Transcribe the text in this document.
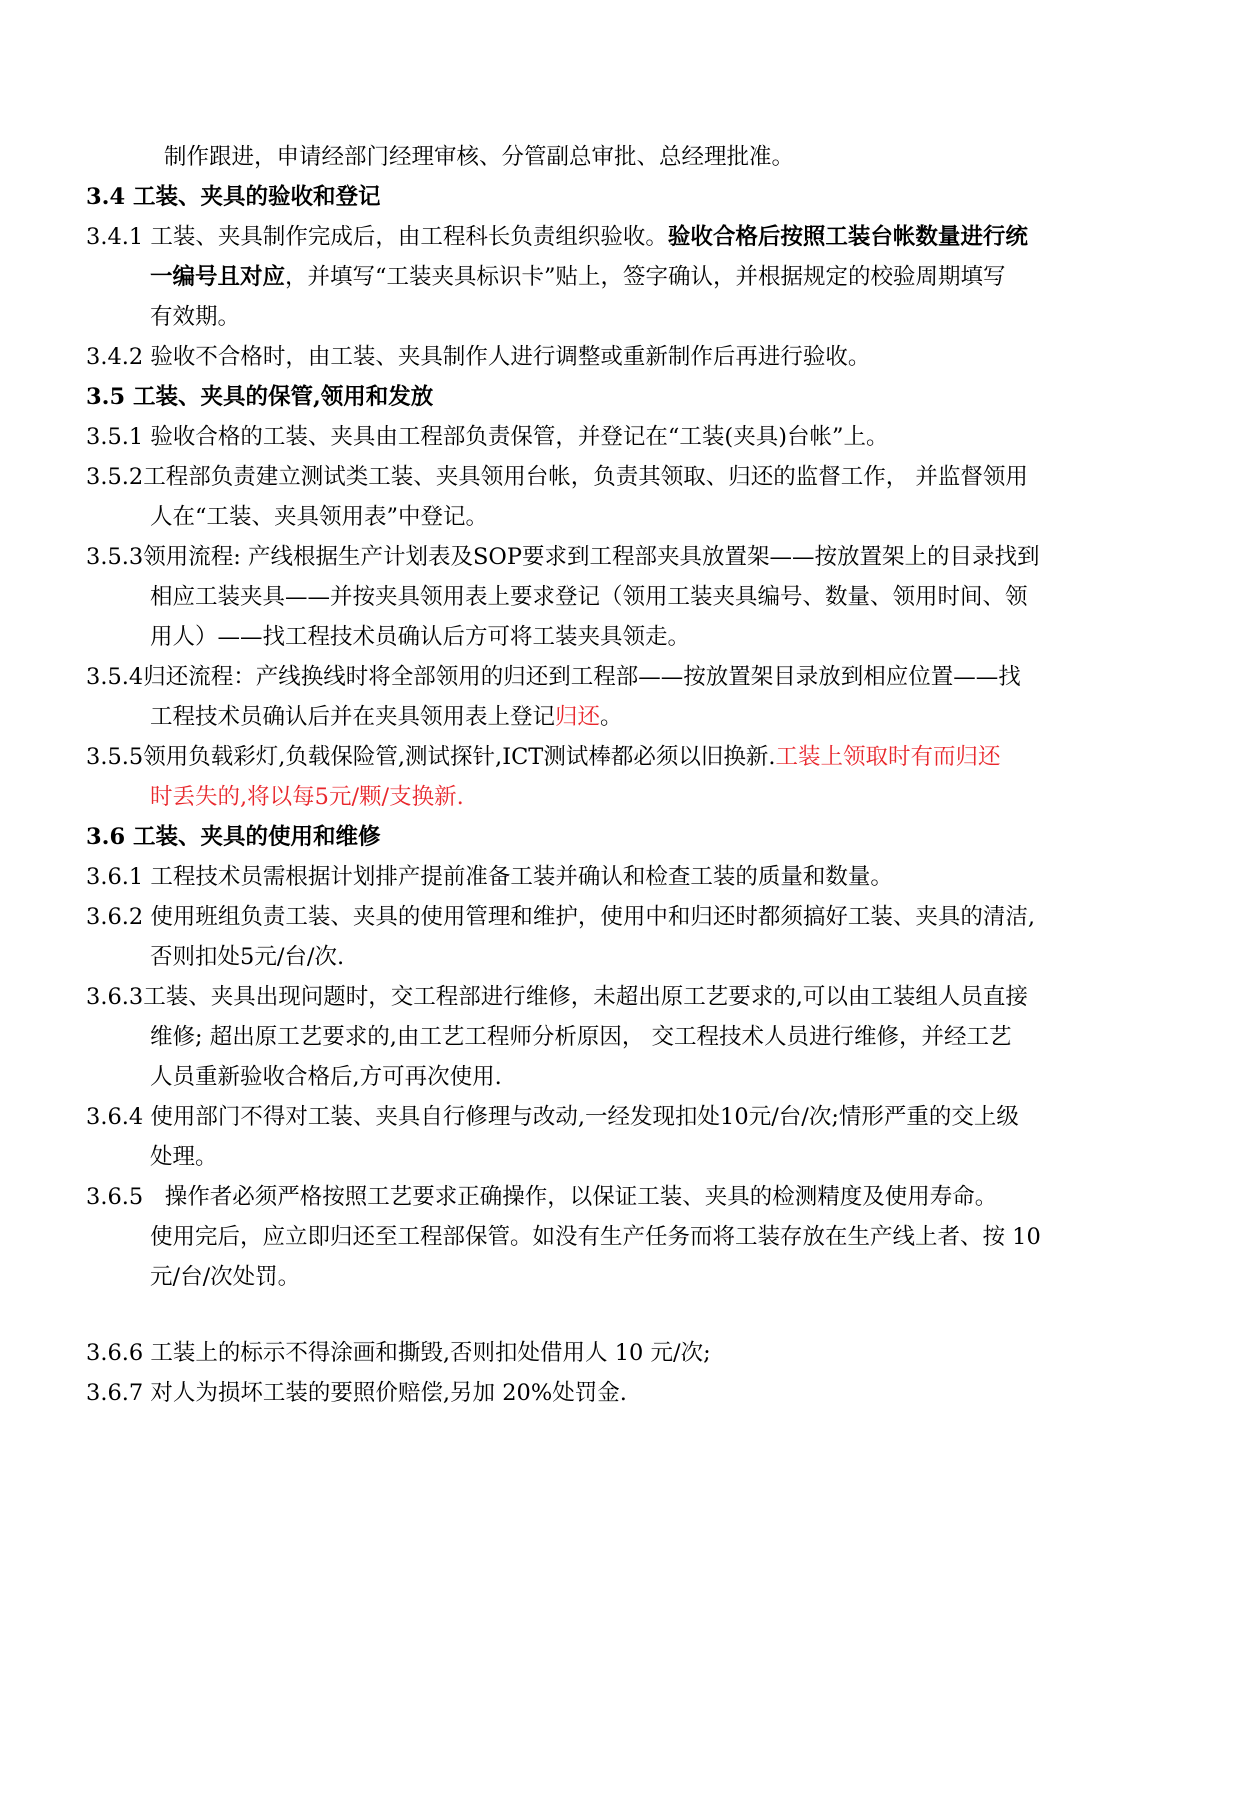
制作跟进，申请经部门经理审核、分管副总审批、总经理批准。
3.4 工装、夹具的验收和登记
3.4.1 工装、夹具制作完成后，由工程科长负责组织验收。验收合格后按照工装台帐数量进行统
一编号且对应，并填写“工装夹具标识卡”贴上，签字确认，并根据规定的校验周期填写
有效期。
3.4.2 验收不合格时，由工装、夹具制作人进行调整或重新制作后再进行验收。
3.5 工装、夹具的保管,领用和发放
3.5.1 验收合格的工装、夹具由工程部负责保管，并登记在“工装(夹具)台帐”上。
3.5.2工程部负责建立测试类工装、夹具领用台帐，负责其领取、归还的监督工作， 并监督领用
人在“工装、夹具领用表”中登记。
3.5.3领用流程: 产线根据生产计划表及SOP要求到工程部夹具放置架——按放置架上的目录找到
相应工装夹具——并按夹具领用表上要求登记（领用工装夹具编号、数量、领用时间、领
用人）——找工程技术员确认后方可将工装夹具领走。
3.5.4归还流程：产线换线时将全部领用的归还到工程部——按放置架目录放到相应位置——找
工程技术员确认后并在夹具领用表上登记归还。
3.5.5领用负载彩灯,负载保险管,测试探针,ICT测试棒都必须以旧换新.工装上领取时有而归还
时丢失的,将以每5元/颗/支换新.
3.6 工装、夹具的使用和维修
3.6.1 工程技术员需根据计划排产提前准备工装并确认和检查工装的质量和数量。
3.6.2 使用班组负责工装、夹具的使用管理和维护，使用中和归还时都须搞好工装、夹具的清洁,
否则扣处5元/台/次.
3.6.3工装、夹具出现问题时，交工程部进行维修，未超出原工艺要求的,可以由工装组人员直接
维修; 超出原工艺要求的,由工艺工程师分析原因， 交工程技术人员进行维修，并经工艺
人员重新验收合格后,方可再次使用.
3.6.4 使用部门不得对工装、夹具自行修理与改动,一经发现扣处10元/台/次;情形严重的交上级
处理。
3.6.5 操作者必须严格按照工艺要求正确操作，以保证工装、夹具的检测精度及使用寿命。
使用完后，应立即归还至工程部保管。如没有生产任务而将工装存放在生产线上者、按 10
元/台/次处罚。
3.6.6 工装上的标示不得涂画和撕毁,否则扣处借用人 10 元/次;
3.6.7 对人为损坏工装的要照价赔偿,另加 20%处罚金.
